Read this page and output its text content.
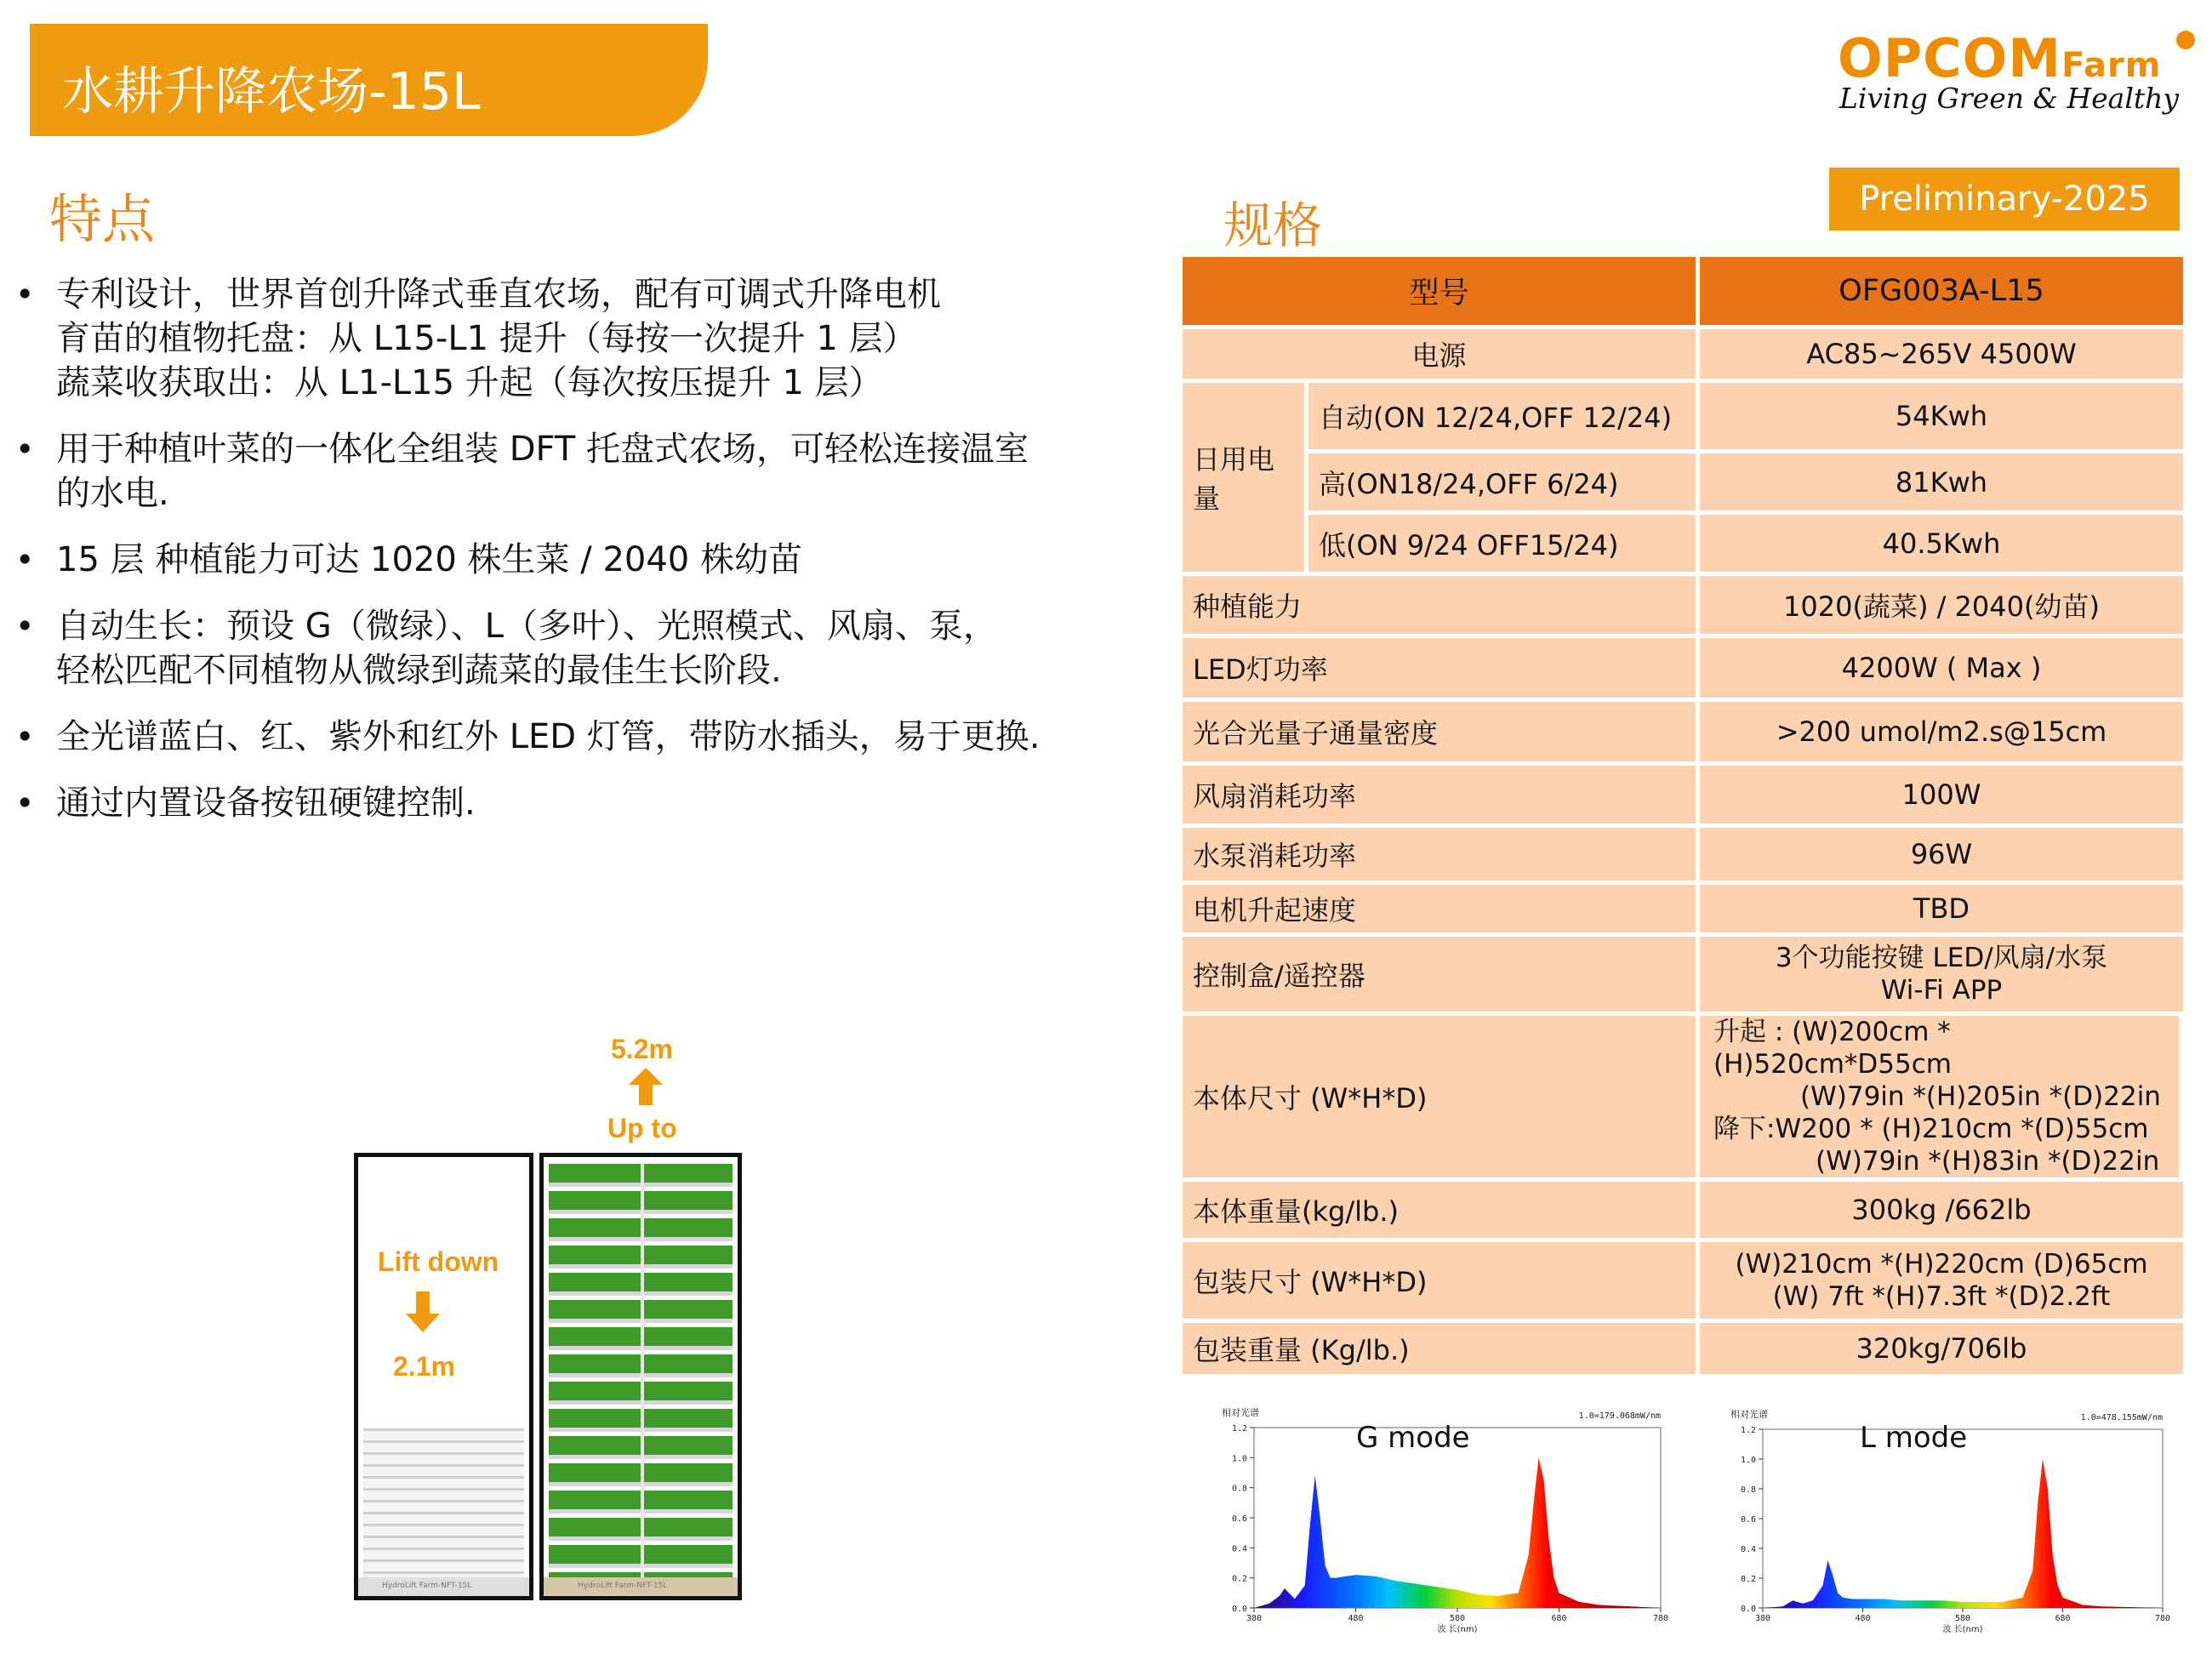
水耕升降农场-15L
OPCOMFarm
Living Green & Healthy
特点	规格	Preliminary-2025
• 专利设计，世界首创升降式垂直农场，配有可调式升降电机
育苗的植物托盘：从 L15-L1 提升（每按一次提升 1 层）
蔬菜收获取出：从 L1-L15 升起（每次按压提升 1 层）
• 用于种植叶菜的一体化全组装 DFT 托盘式农场，可轻松连接温室
的水电.
• 15 层 种植能力可达 1020 株生菜 / 2040 株幼苗
• 自动生长：预设 G（微绿）、L（多叶）、光照模式、风扇、泵，
轻松匹配不同植物从微绿到蔬菜的最佳生长阶段.
• 全光谱蓝白、红、紫外和红外 LED 灯管，带防水插头，易于更换.
• 通过内置设备按钮硬键控制.
型号		OFG003A-L15
电源		AC85~265V 4500W
日用电量	自动(ON 12/24,OFF 12/24)	54Kwh
	高(ON18/24,OFF 6/24)	81Kwh
	低(ON 9/24 OFF15/24)	40.5Kwh
种植能力		1020(蔬菜) / 2040(幼苗)
LED灯功率		4200W ( Max )
光合光量子通量密度		>200 umol/m2.s@15cm
风扇消耗功率		100W
水泵消耗功率		96W
电机升起速度		TBD
控制盒/遥控器		3个功能按键 LED/风扇/水泵
Wi-Fi APP

本体尺寸 (W*H*D)		升起 : (W)200cm *(H)520cm*D55cm
(W)79in *(H)205in *(D)22in
降下:W200 * (H)210cm *(D)55cm
(W)79in *(H)83in *(D)22in

本体重量(kg/lb.)		300kg /662lb
包装尺寸 (W*H*D)		(W)210cm *(H)220cm (D)65cm
(W) 7ft *(H)7.3ft *(D)2.2ft

包装重量 (Kg/lb.)		320kg/706lb
5.2m
Up to
HydroLift Farm-NFT-15L
Lift down
2.1m
HydroLift Farm-NFT-15L
0.0
0.2
0.4
0.6
0.8
1.0
1.2
380	480	580	680	780
相对光谱
波 长(nm)
1.0=179.068mW/nm
G mode
0.0
0.2
0.4
0.6
0.8
1.0
1.2
380	480	580	680	780
相对光谱
波 长(nm)
1.0=478.155mW/nm
L mode
